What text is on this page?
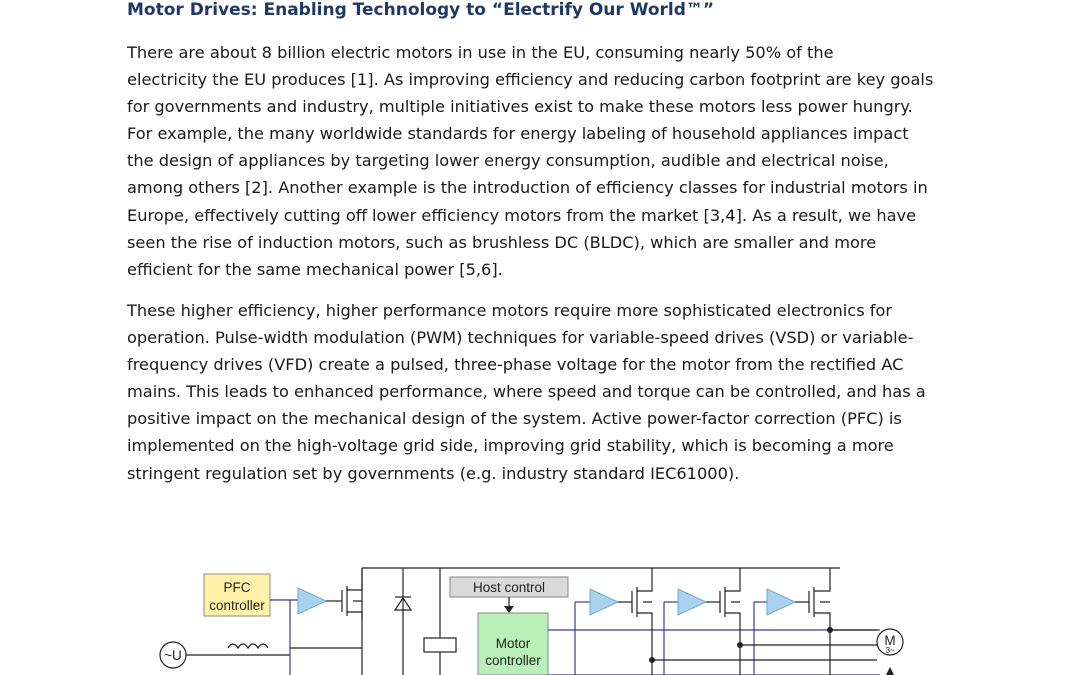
Motor Drives: Enabling Technology to “Electrify Our World™”
There are about 8 billion electric motors in use in the EU, consuming nearly 50% of the
electricity the EU produces [1]. As improving efficiency and reducing carbon footprint are key goals
for governments and industry, multiple initiatives exist to make these motors less power hungry.
For example, the many worldwide standards for energy labeling of household appliances impact
the design of appliances by targeting lower energy consumption, audible and electrical noise,
among others [2]. Another example is the introduction of efficiency classes for industrial motors in
Europe, effectively cutting off lower efficiency motors from the market [3,4]. As a result, we have
seen the rise of induction motors, such as brushless DC (BLDC), which are smaller and more
efficient for the same mechanical power [5,6].
These higher efficiency, higher performance motors require more sophisticated electronics for
operation. Pulse-width modulation (PWM) techniques for variable-speed drives (VSD) or variable-
frequency drives (VFD) create a pulsed, three-phase voltage for the motor from the rectified AC
mains. This leads to enhanced performance, where speed and torque can be controlled, and has a
positive impact on the mechanical design of the system. Active power-factor correction (PFC) is
implemented on the high-voltage grid side, improving grid stability, which is becoming a more
stringent regulation set by governments (e.g. industry standard IEC61000).
PFC
controller
~U
Host control
Motor
controller
M
3~
